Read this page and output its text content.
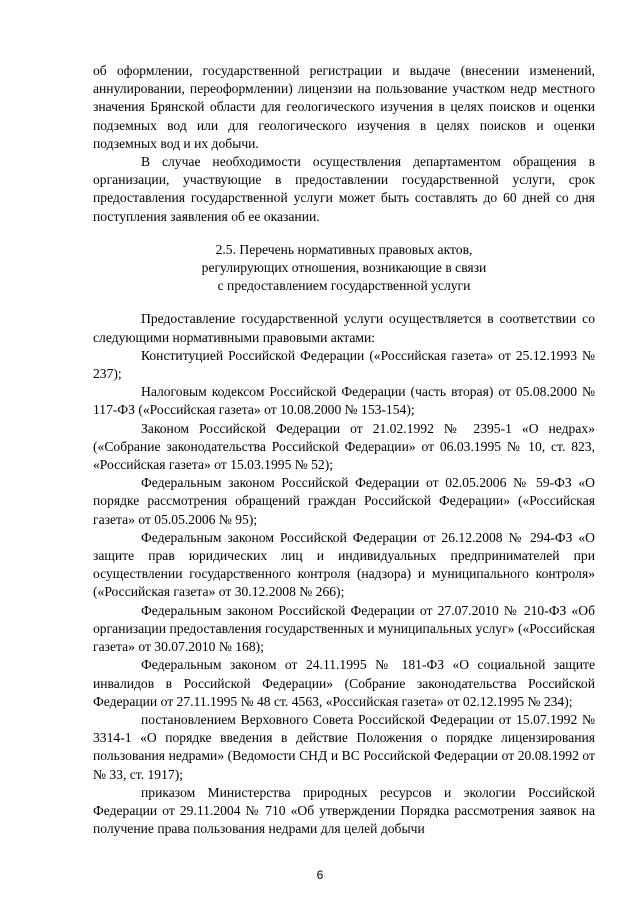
об оформлении, государственной регистрации и выдаче (внесении изменений, аннулировании, переоформлении) лицензии на пользование участком недр местного значения Брянской области для геологического изучения в целях поисков и оценки подземных вод или для геологического изучения в целях поисков и оценки подземных вод и их добычи.

В случае необходимости осуществления департаментом обращения в организации, участвующие в предоставлении государственной услуги, срок предоставления государственной услуги может быть составлять до 60 дней со дня поступления заявления об ее оказании.

2.5. Перечень нормативных правовых актов,
регулирующих отношения, возникающие в связи
с предоставлением государственной услуги

Предоставление государственной услуги осуществляется в соответствии со следующими нормативными правовыми актами:

Конституцией Российской Федерации («Российская газета» от 25.12.1993 № 237);

Налоговым кодексом Российской Федерации (часть вторая) от 05.08.2000 № 117-ФЗ («Российская газета» от 10.08.2000 № 153-154);

Законом Российской Федерации от 21.02.1992 № 2395-1 «О недрах» («Собрание законодательства Российской Федерации» от 06.03.1995 № 10, ст. 823, «Российская газета» от 15.03.1995 № 52);

Федеральным законом Российской Федерации от 02.05.2006 № 59-ФЗ «О порядке рассмотрения обращений граждан Российской Федерации» («Российская газета» от 05.05.2006 № 95);

Федеральным законом Российской Федерации от 26.12.2008 № 294-ФЗ «О защите прав юридических лиц и индивидуальных предпринимателей при осуществлении государственного контроля (надзора) и муниципального контроля» («Российская газета» от 30.12.2008 № 266);

Федеральным законом Российской Федерации от 27.07.2010 № 210-ФЗ «Об организации предоставления государственных и муниципальных услуг» («Российская газета» от 30.07.2010 № 168);

Федеральным законом от 24.11.1995 № 181-ФЗ «О социальной защите инвалидов в Российской Федерации» (Собрание законодательства Российской Федерации от 27.11.1995 № 48 ст. 4563, «Российская газета» от 02.12.1995 № 234);

постановлением Верховного Совета Российской Федерации от 15.07.1992 № 3314-1 «О порядке введения в действие Положения о порядке лицензирования пользования недрами» (Ведомости СНД и ВС Российской Федерации от 20.08.1992 от № 33, ст. 1917);

приказом Министерства природных ресурсов и экологии Российской Федерации от 29.11.2004 № 710 «Об утверждении Порядка рассмотрения заявок на получение права пользования недрами для целей добычи

6
